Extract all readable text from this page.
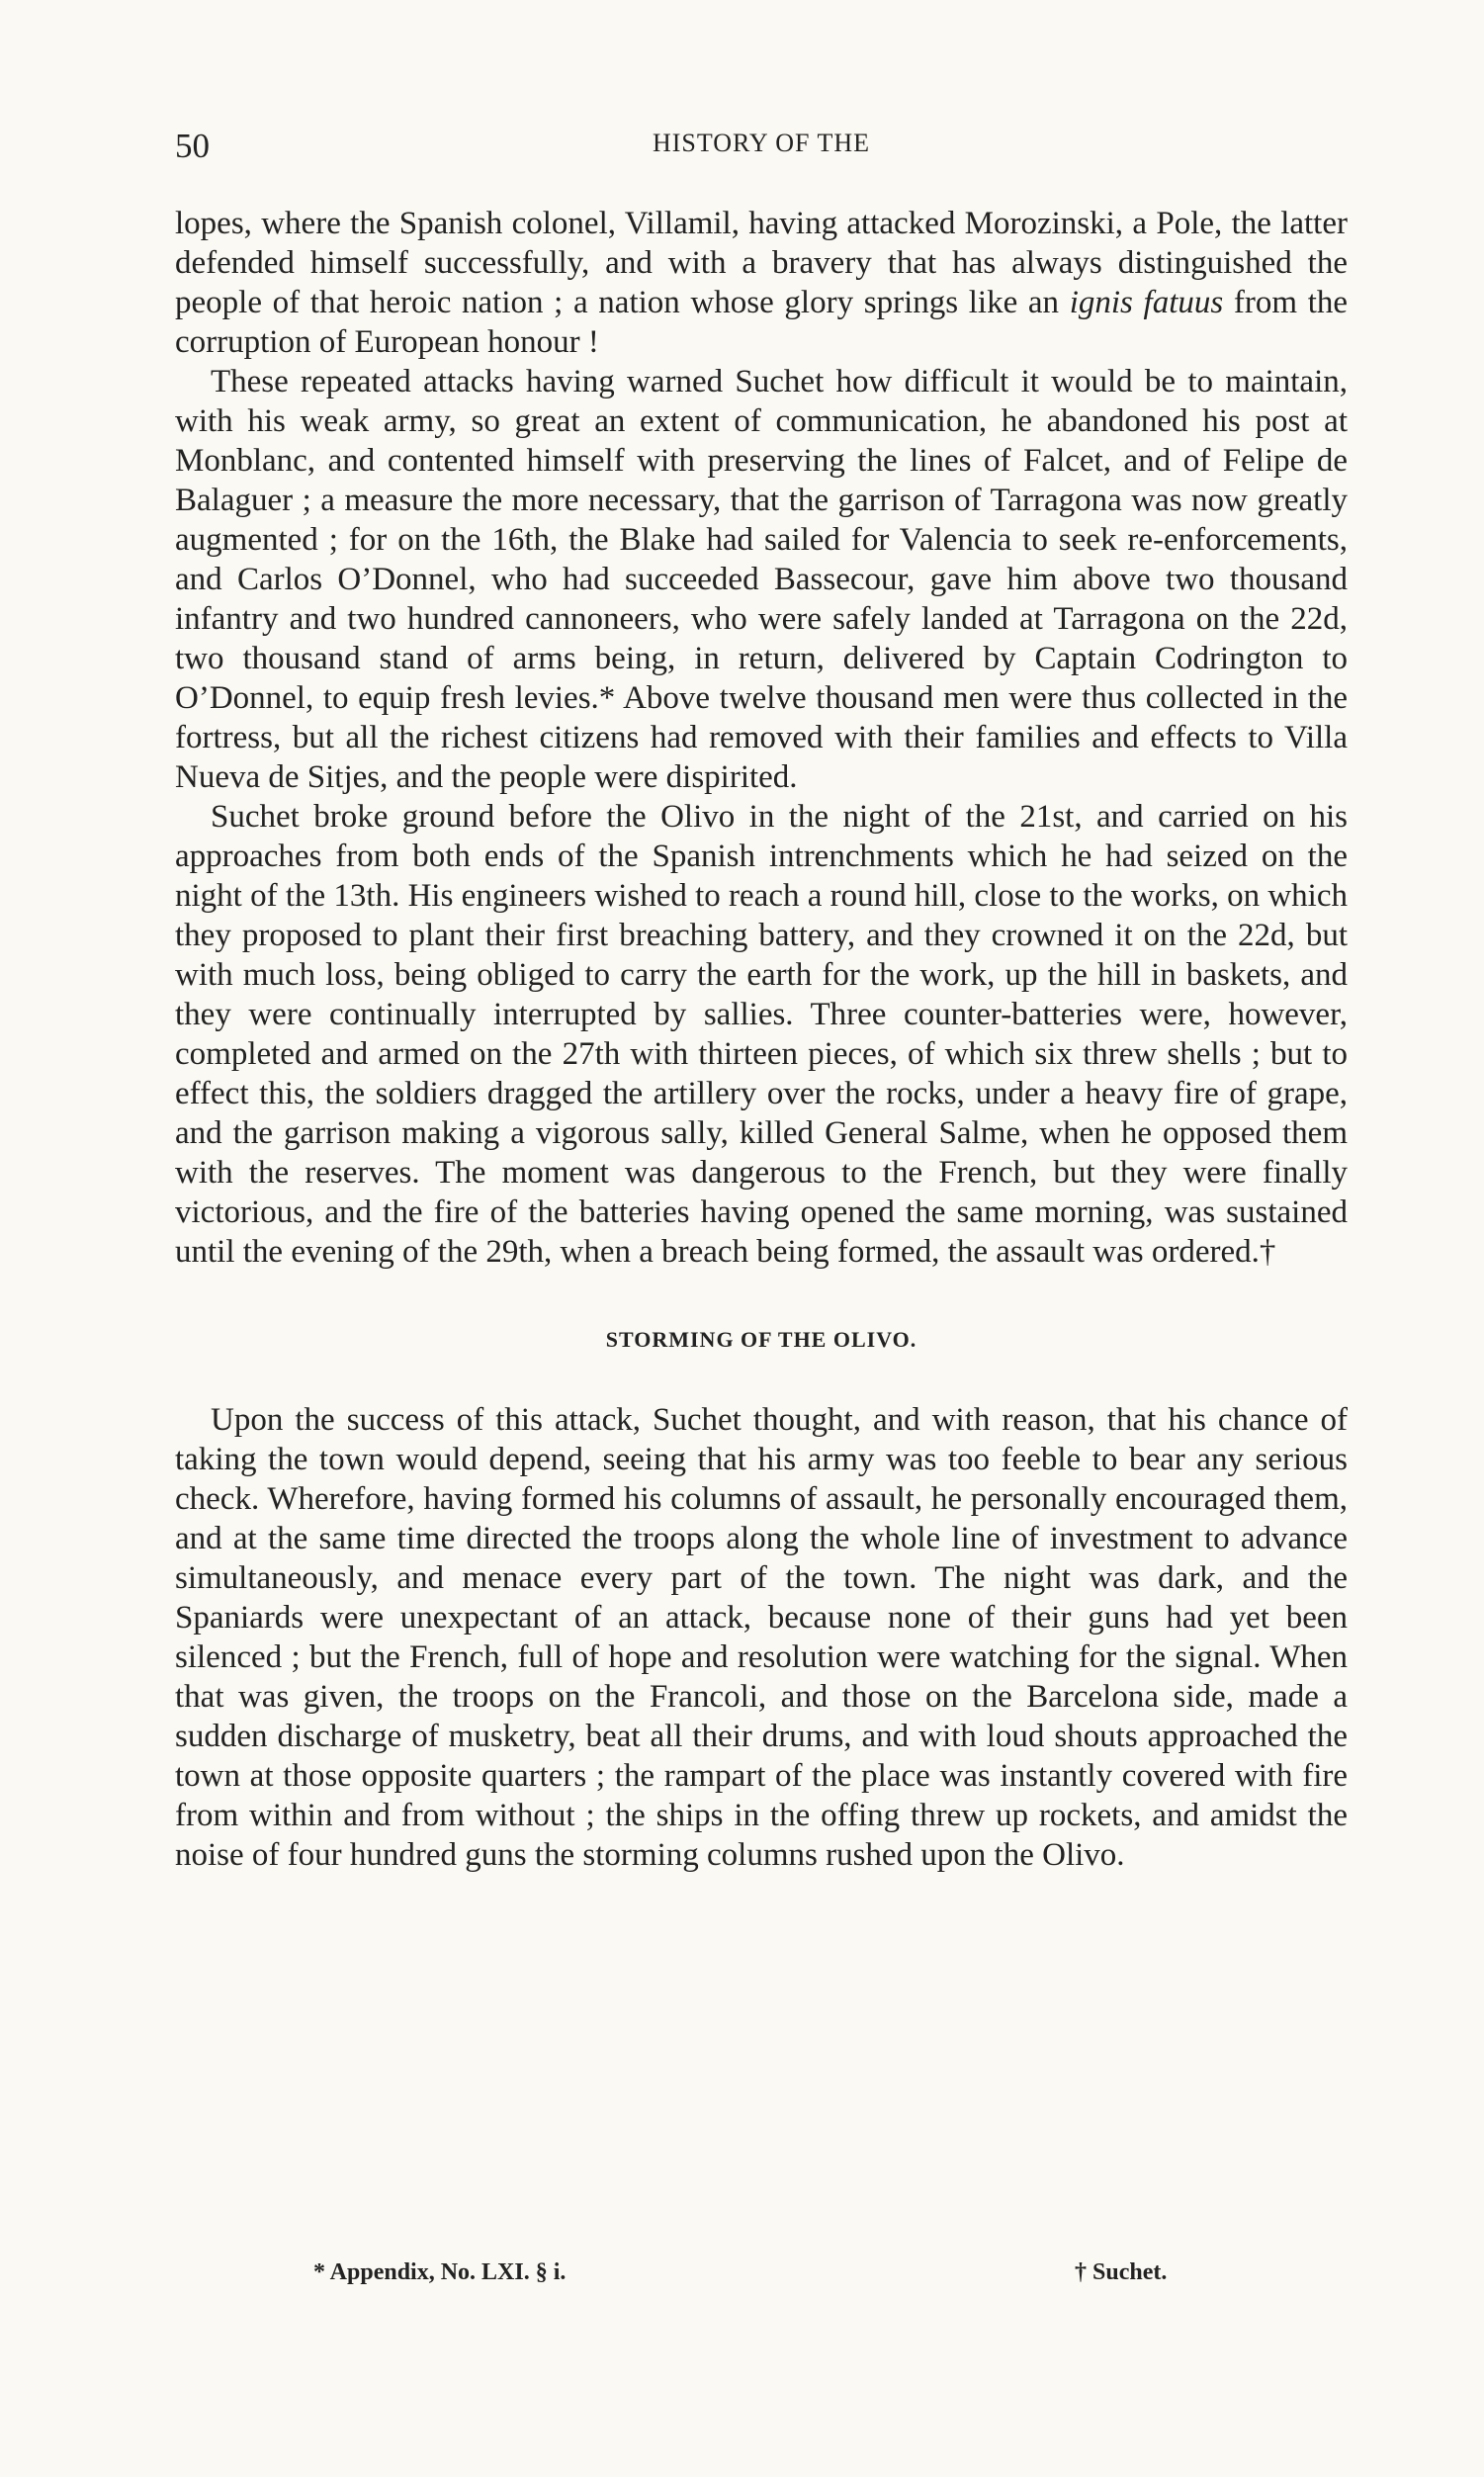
50	HISTORY OF THE

lopes, where the Spanish colonel, Villamil, having attacked Morozinski, a Pole, the latter defended himself successfully, and with a bravery that has always distinguished the people of that heroic nation ; a nation whose glory springs like an ignis fatuus from the corruption of European honour !

These repeated attacks having warned Suchet how difficult it would be to maintain, with his weak army, so great an extent of communication, he abandoned his post at Monblanc, and contented himself with preserving the lines of Falcet, and of Felipe de Balaguer ; a measure the more necessary, that the garrison of Tarragona was now greatly augmented ; for on the 16th, the Blake had sailed for Valencia to seek re-enforcements, and Carlos O’Donnel, who had succeeded Bassecour, gave him above two thousand infantry and two hundred cannoneers, who were safely landed at Tarragona on the 22d, two thousand stand of arms being, in return, delivered by Captain Codrington to O’Donnel, to equip fresh levies.* Above twelve thousand men were thus collected in the fortress, but all the richest citizens had removed with their families and effects to Villa Nueva de Sitjes, and the people were dispirited.

Suchet broke ground before the Olivo in the night of the 21st, and carried on his approaches from both ends of the Spanish intrenchments which he had seized on the night of the 13th. His engineers wished to reach a round hill, close to the works, on which they proposed to plant their first breaching battery, and they crowned it on the 22d, but with much loss, being obliged to carry the earth for the work, up the hill in baskets, and they were continually interrupted by sallies. Three counter-batteries were, however, completed and armed on the 27th with thirteen pieces, of which six threw shells ; but to effect this, the soldiers dragged the artillery over the rocks, under a heavy fire of grape, and the garrison making a vigorous sally, killed General Salme, when he opposed them with the reserves. The moment was dangerous to the French, but they were finally victorious, and the fire of the batteries having opened the same morning, was sustained until the evening of the 29th, when a breach being formed, the assault was ordered.†

STORMING OF THE OLIVO.

Upon the success of this attack, Suchet thought, and with reason, that his chance of taking the town would depend, seeing that his army was too feeble to bear any serious check. Wherefore, having formed his columns of assault, he personally encouraged them, and at the same time directed the troops along the whole line of investment to advance simultaneously, and menace every part of the town. The night was dark, and the Spaniards were unexpectant of an attack, because none of their guns had yet been silenced ; but the French, full of hope and resolution were watching for the signal. When that was given, the troops on the Francoli, and those on the Barcelona side, made a sudden discharge of musketry, beat all their drums, and with loud shouts approached the town at those opposite quarters ; the rampart of the place was instantly covered with fire from within and from without ; the ships in the offing threw up rockets, and amidst the noise of four hundred guns the storming columns rushed upon the Olivo.

* Appendix, No. LXI. § i.	† Suchet.
